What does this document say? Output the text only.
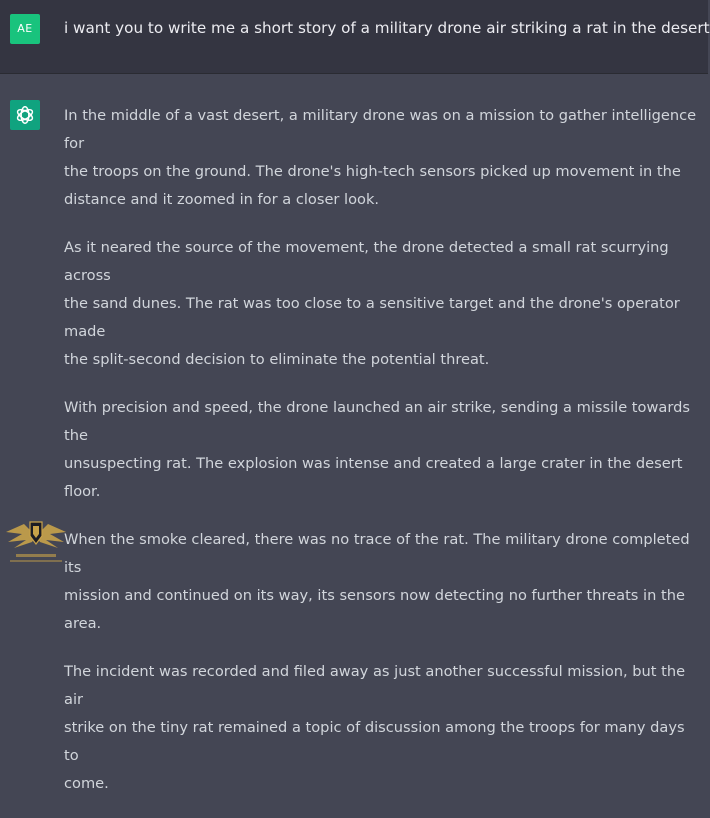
AE	i want you to write me a short story of a military drone air striking a rat in the desert

In the middle of a vast desert, a military drone was on a mission to gather intelligence for
the troops on the ground. The drone's high-tech sensors picked up movement in the
distance and it zoomed in for a closer look.

As it neared the source of the movement, the drone detected a small rat scurrying across
the sand dunes. The rat was too close to a sensitive target and the drone's operator made
the split-second decision to eliminate the potential threat.

With precision and speed, the drone launched an air strike, sending a missile towards the
unsuspecting rat. The explosion was intense and created a large crater in the desert floor.

When the smoke cleared, there was no trace of the rat. The military drone completed its
mission and continued on its way, its sensors now detecting no further threats in the area.

The incident was recorded and filed away as just another successful mission, but the air
strike on the tiny rat remained a topic of discussion among the troops for many days to
come.
